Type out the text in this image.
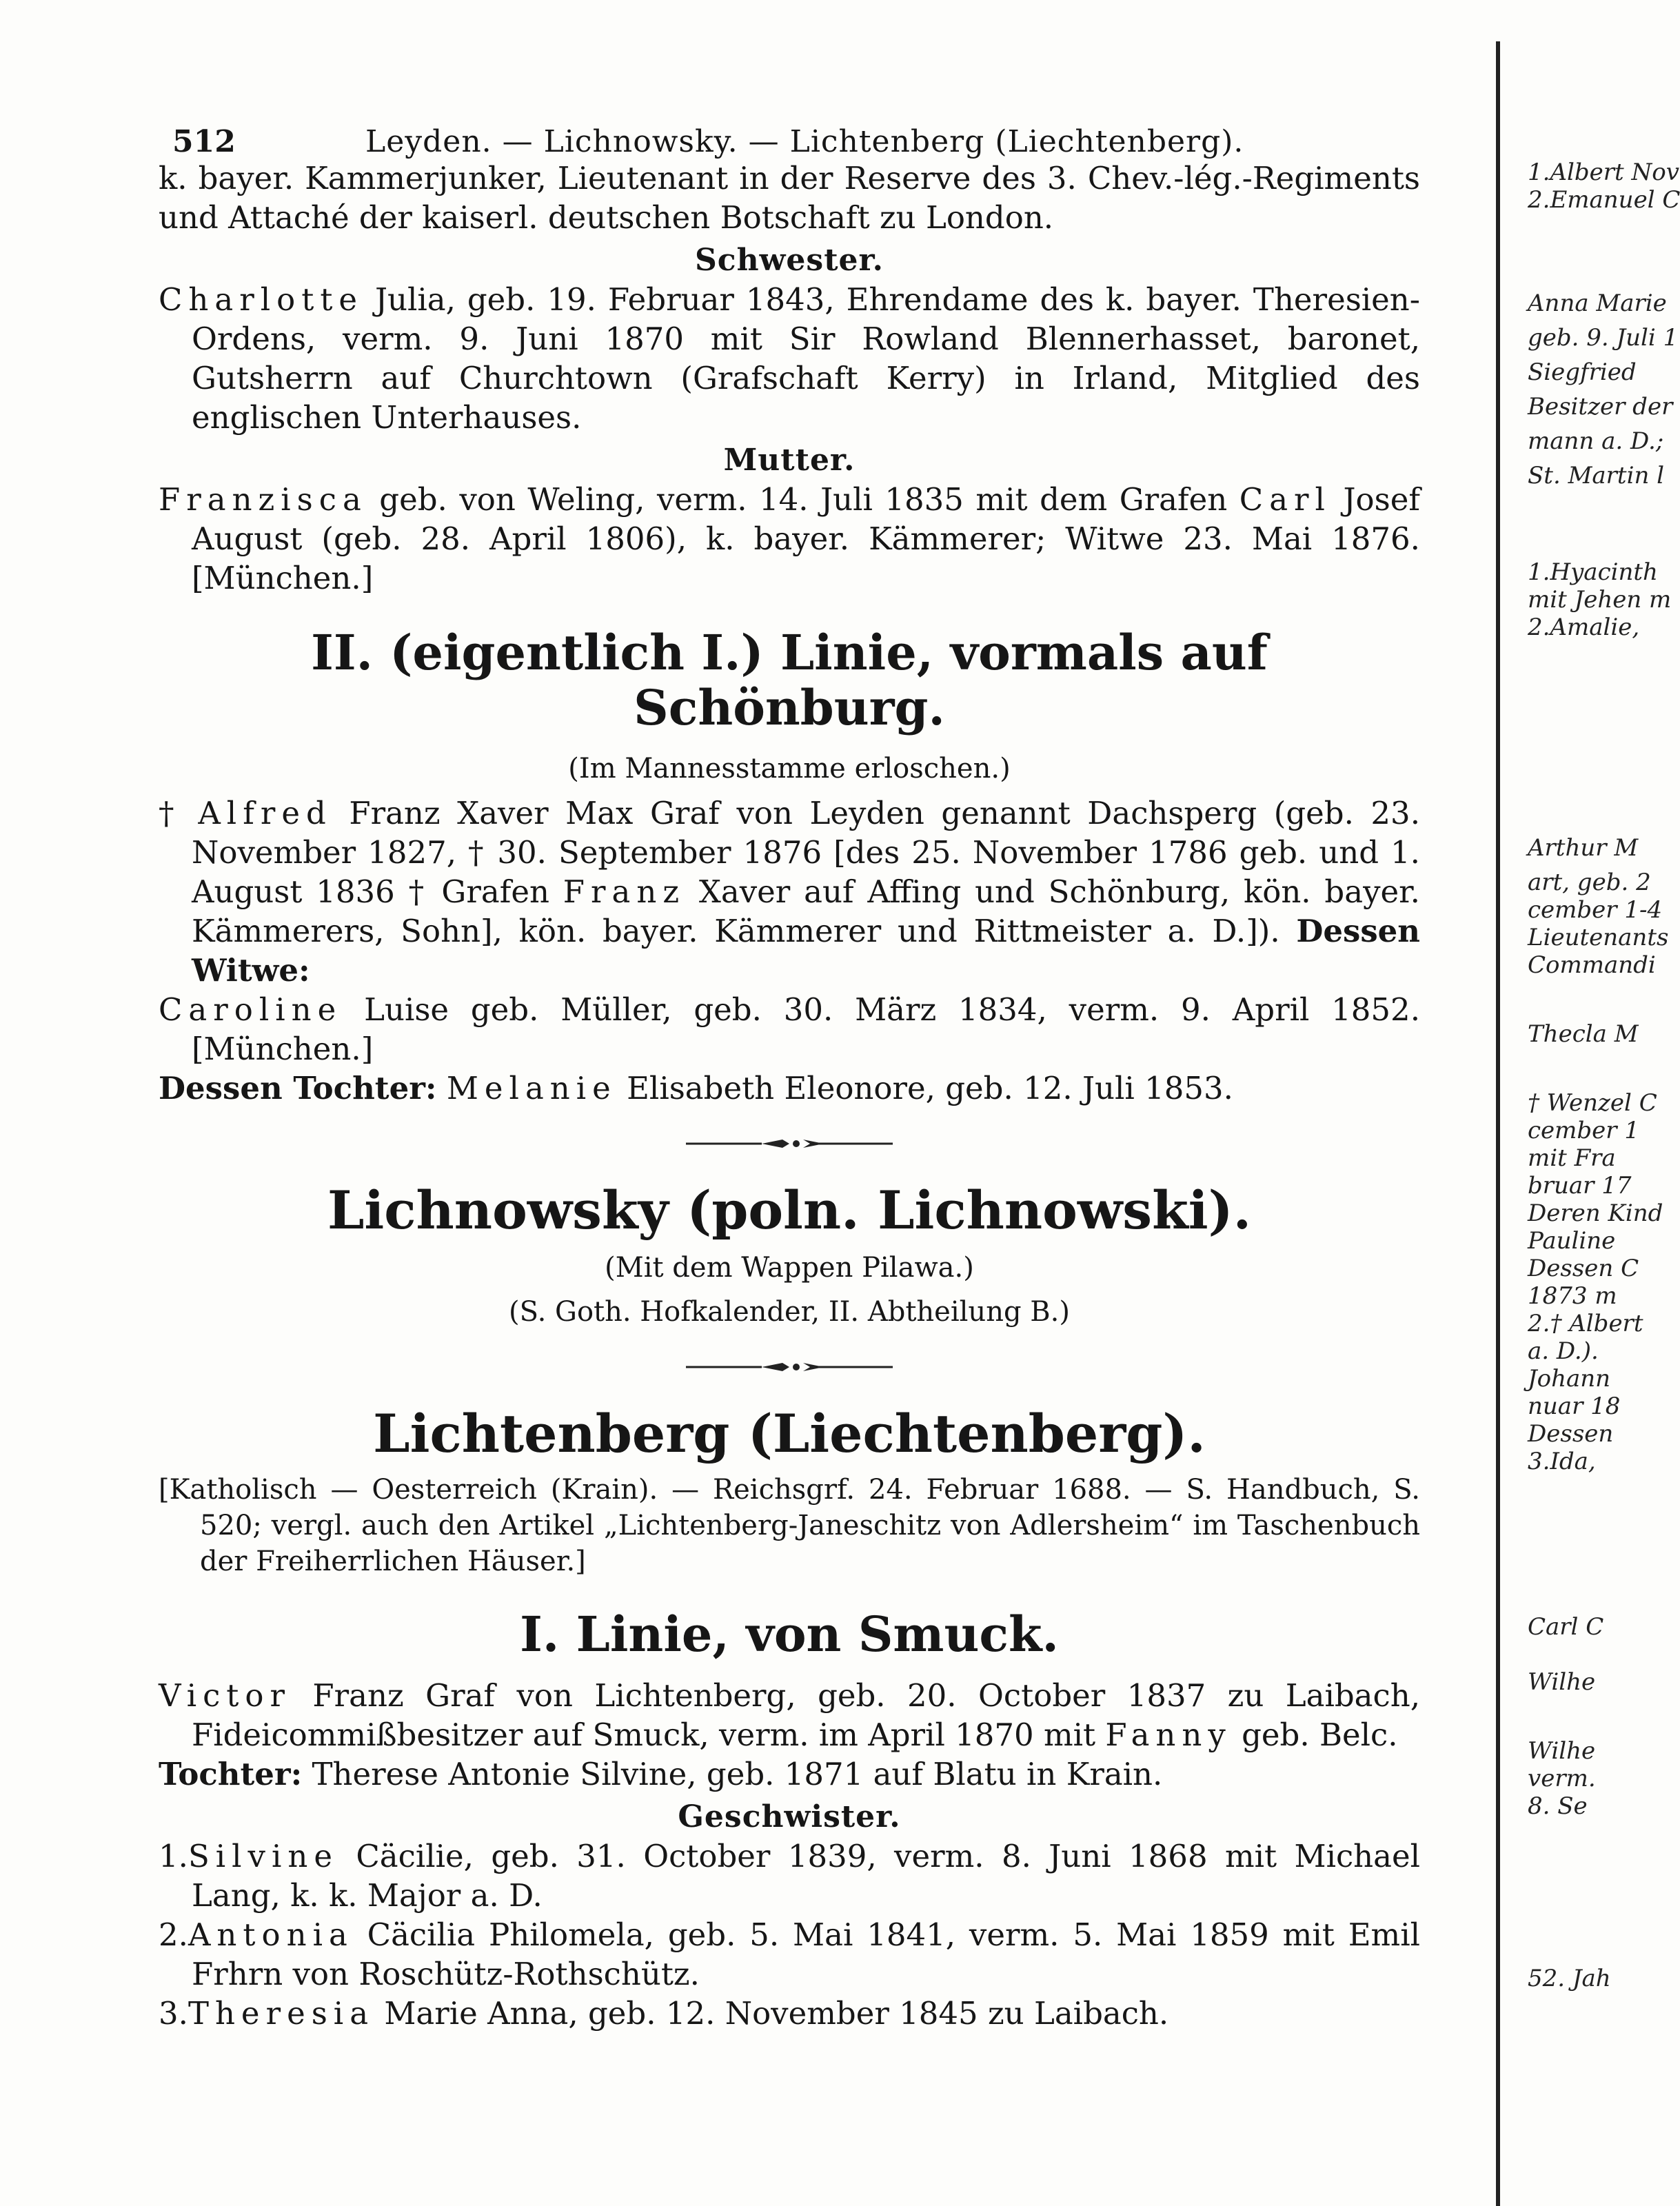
512	Leyden. — Lichnowsky. — Lichtenberg (Liechtenberg).

k. bayer. Kammerjunker, Lieutenant in der Reserve des 3. Chev.-lég.-Regiments und Attaché der kaiserl. deutschen Botschaft zu London.

Schwester.

Charlotte Julia, geb. 19. Februar 1843, Ehrendame des k. bayer. Theresien-Ordens, verm. 9. Juni 1870 mit Sir Rowland Blennerhasset, baronet, Gutsherrn auf Churchtown (Grafschaft Kerry) in Irland, Mitglied des englischen Unterhauses.

Mutter.

Franzisca geb. von Weling, verm. 14. Juli 1835 mit dem Grafen Carl Josef August (geb. 28. April 1806), k. bayer. Kämmerer; Witwe 23. Mai 1876. [München.]

II. (eigentlich I.) Linie, vormals auf Schönburg.

(Im Mannesstamme erloschen.)

† Alfred Franz Xaver Max Graf von Leyden genannt Dachsperg (geb. 23. November 1827, † 30. September 1876 [des 25. November 1786 geb. und 1. August 1836 † Grafen Franz Xaver auf Affing und Schönburg, kön. bayer. Kämmerers, Sohn], kön. bayer. Kämmerer und Rittmeister a. D.]). Dessen Witwe:

Caroline Luise geb. Müller, geb. 30. März 1834, verm. 9. April 1852. [München.]

Dessen Tochter: Melanie Elisabeth Eleonore, geb. 12. Juli 1853.

Lichnowsky (poln. Lichnowski).

(Mit dem Wappen Pilawa.)

(S. Goth. Hofkalender, II. Abtheilung B.)

Lichtenberg (Liechtenberg).

[Katholisch — Oesterreich (Krain). — Reichsgrf. 24. Februar 1688. — S. Handbuch, S. 520; vergl. auch den Artikel „Lichtenberg-Janeschitz von Adlersheim“ im Taschenbuch der Freiherrlichen Häuser.]

I. Linie, von Smuck.

Victor Franz Graf von Lichtenberg, geb. 20. October 1837 zu Laibach, Fideicommißbesitzer auf Smuck, verm. im April 1870 mit Fanny geb. Belc.

Tochter: Therese Antonie Silvine, geb. 1871 auf Blatu in Krain.

Geschwister.

1.Silvine Cäcilie, geb. 31. October 1839, verm. 8. Juni 1868 mit Michael Lang, k. k. Major a. D.

2.Antonia Cäcilia Philomela, geb. 5. Mai 1841, verm. 5. Mai 1859 mit Emil Frhrn von Roschütz-Rothschütz.

3.Theresia Marie Anna, geb. 12. November 1845 zu Laibach.

1.Albert Nov
2.Emanuel C
Anna Marie
geb. 9. Juli 1
Siegfried
Besitzer der
mann a. D.;
St. Martin l
1.Hyacinth
mit Jehen m
2.Amalie,
Arthur M
art, geb. 2
cember 1-4
Lieutenants
Commandi
Thecla M
† Wenzel C
cember 1
mit Fra
bruar 17
Deren Kind
Pauline
Dessen C
1873 m
2.† Albert
a. D.).
Johann
nuar 18
Dessen
3.Ida,
Carl C
Wilhe
Wilhe
verm.
8. Se
52. Jah
